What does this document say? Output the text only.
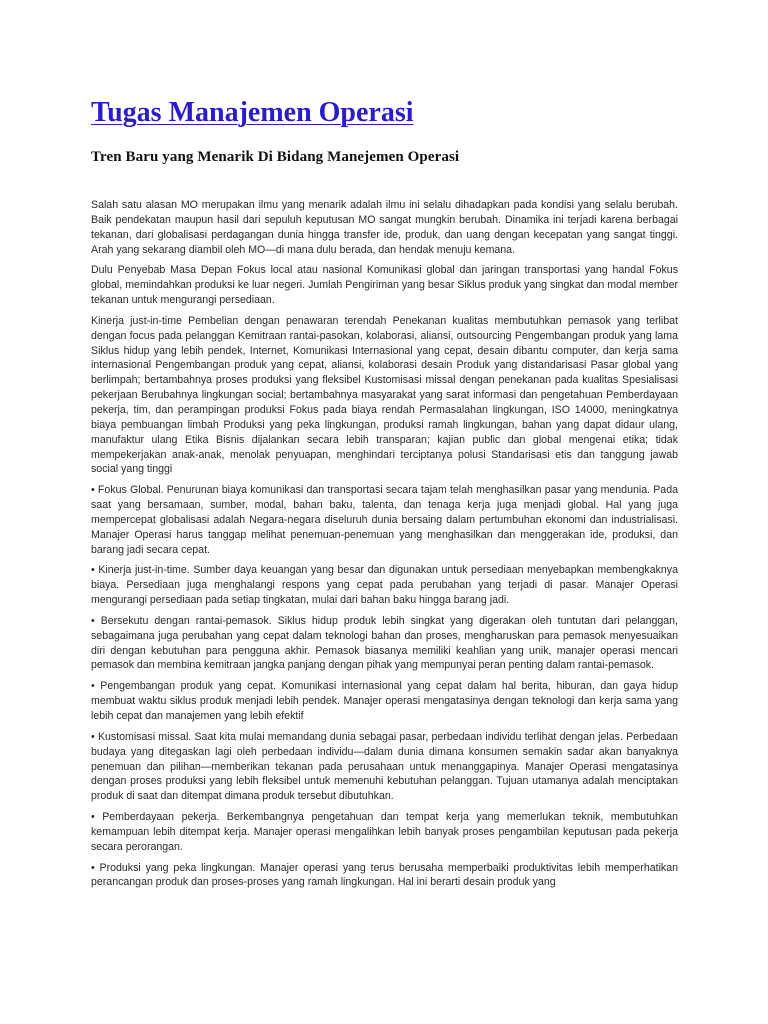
Tugas Manajemen Operasi
Tren Baru yang Menarik Di Bidang Manejemen Operasi

Salah satu alasan MO merupakan ilmu yang menarik adalah ilmu ini selalu dihadapkan pada kondisi yang selalu berubah. Baik pendekatan maupun hasil dari sepuluh keputusan MO sangat mungkin berubah. Dinamika ini terjadi karena berbagai tekanan, dari globalisasi perdagangan dunia hingga transfer ide, produk, dan uang dengan kecepatan yang sangat tinggi. Arah yang sekarang diambil oleh MO—di mana dulu berada, dan hendak menuju kemana.

Dulu Penyebab Masa Depan Fokus local atau nasional Komunikasi global dan jaringan transportasi yang handal Fokus global, memindahkan produksi ke luar negeri. Jumlah Pengiriman yang besar Siklus produk yang singkat dan modal member tekanan untuk mengurangi persediaan.

Kinerja just-in-time Pembelian dengan penawaran terendah Penekanan kualitas membutuhkan pemasok yang terlibat dengan focus pada pelanggan Kemitraan rantai-pasokan, kolaborasi, aliansi, outsourcing Pengembangan produk yang lama Siklus hidup yang lebih pendek, Internet, Komunikasi Internasional yang cepat, desain dibantu computer, dan kerja sama internasional Pengembangan produk yang cepat, aliansi, kolaborasi desain Produk yang distandarisasi Pasar global yang berlimpah; bertambahnya proses produksi yang fleksibel Kustomisasi missal dengan penekanan pada kualitas Spesialisasi pekerjaan Berubahnya lingkungan social; bertambahnya masyarakat yang sarat informasi dan pengetahuan Pemberdayaan pekerja, tim, dan perampingan produksi Fokus pada biaya rendah Permasalahan lingkungan, ISO 14000, meningkatnya biaya pembuangan limbah Produksi yang peka lingkungan, produksi ramah lingkungan, bahan yang dapat didaur ulang, manufaktur ulang Etika Bisnis dijalankan secara lebih transparan; kajian public dan global mengenai etika; tidak mempekerjakan anak-anak, menolak penyuapan, menghindari terciptanya polusi Standarisasi etis dan tanggung jawab social yang tinggi

• Fokus Global. Penurunan biaya komunikasi dan transportasi secara tajam telah menghasilkan pasar yang mendunia. Pada saat yang bersamaan, sumber, modal, bahan baku, talenta, dan tenaga kerja juga menjadi global. Hal yang juga mempercepat globalisasi adalah Negara-negara diseluruh dunia bersaing dalam pertumbuhan ekonomi dan industrialisasi. Manajer Operasi harus tanggap melihat penemuan-penemuan yang menghasilkan dan menggerakan ide, produksi, dan barang jadi secara cepat.

• Kinerja just-in-time. Sumber daya keuangan yang besar dan digunakan untuk persediaan menyebapkan membengkaknya biaya. Persediaan juga menghalangi respons yang cepat pada perubahan yang terjadi di pasar. Manajer Operasi mengurangi persediaan pada setiap tingkatan, mulai dari bahan baku hingga barang jadi.

• Bersekutu dengan rantai-pemasok. Siklus hidup produk lebih singkat yang digerakan oleh tuntutan dari pelanggan, sebagaimana juga perubahan yang cepat dalam teknologi bahan dan proses, mengharuskan para pemasok menyesuaikan diri dengan kebutuhan para pengguna akhir. Pemasok biasanya memiliki keahlian yang unik, manajer operasi mencari pemasok dan membina kemitraan jangka panjang dengan pihak yang mempunyai peran penting dalam rantai-pemasok.

• Pengembangan produk yang cepat. Komunikasi internasional yang cepat dalam hal berita, hiburan, dan gaya hidup membuat waktu siklus produk menjadi lebih pendek. Manajer operasi mengatasinya dengan teknologi dan kerja sama yang lebih cepat dan manajemen yang lebih efektif

• Kustomisasi missal. Saat kita mulai memandang dunia sebagai pasar, perbedaan individu terlihat dengan jelas. Perbedaan budaya yang ditegaskan lagi oleh perbedaan individu—dalam dunia dimana konsumen semakin sadar akan banyaknya penemuan dan pilihan—memberikan tekanan pada perusahaan untuk menanggapinya. Manajer Operasi mengatasinya dengan proses produksi yang lebih fleksibel untuk memenuhi kebutuhan pelanggan. Tujuan utamanya adalah menciptakan produk di saat dan ditempat dimana produk tersebut dibutuhkan.

• Pemberdayaan pekerja. Berkembangnya pengetahuan dan tempat kerja yang memerlukan teknik, membutuhkan kemampuan lebih ditempat kerja. Manajer operasi mengalihkan lebih banyak proses pengambilan keputusan pada pekerja secara perorangan.

• Produksi yang peka lingkungan. Manajer operasi yang terus berusaha memperbaiki produktivitas lebih memperhatikan perancangan produk dan proses-proses yang ramah lingkungan. Hal ini berarti desain produk yang
